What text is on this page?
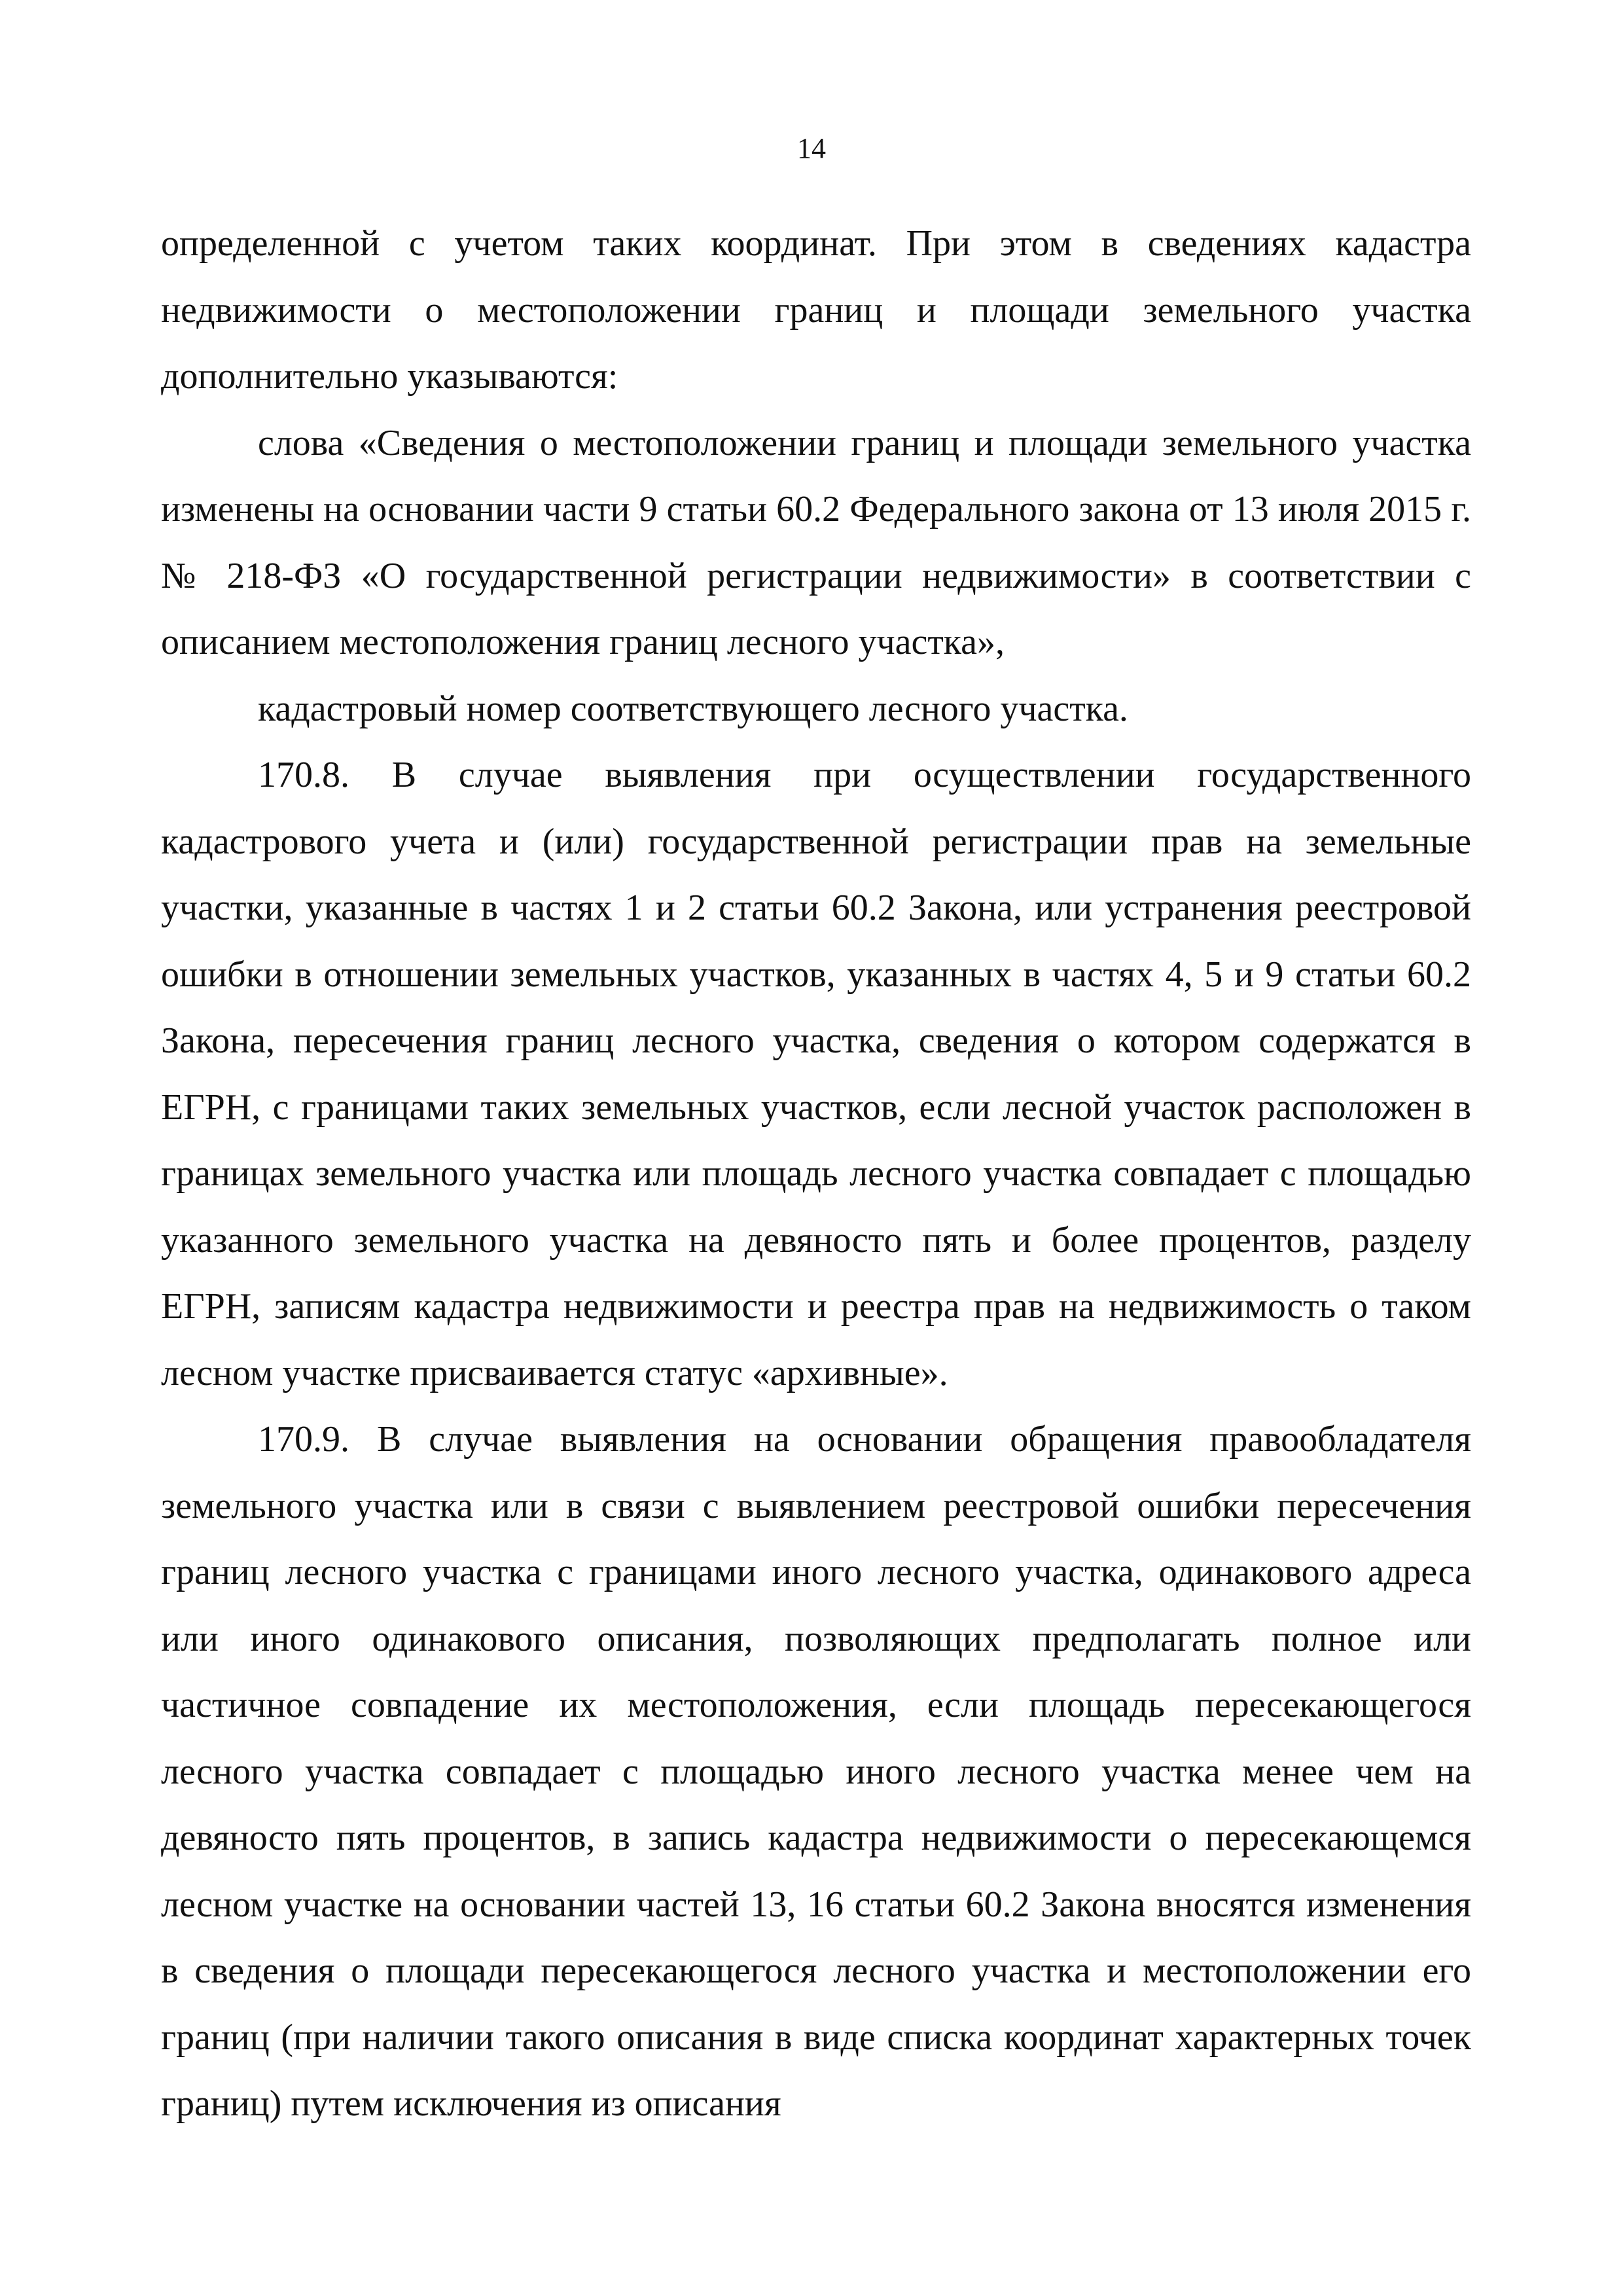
14

определенной с учетом таких координат. При этом в сведениях кадастра недвижимости о местоположении границ и площади земельного участка дополнительно указываются:

слова «Сведения о местоположении границ и площади земельного участка изменены на основании части 9 статьи 60.2 Федерального закона от 13 июля 2015 г. № 218-ФЗ «О государственной регистрации недвижимости» в соответствии с описанием местоположения границ лесного участка»,

кадастровый номер соответствующего лесного участка.

170.8. В случае выявления при осуществлении государственного кадастрового учета и (или) государственной регистрации прав на земельные участки, указанные в частях 1 и 2 статьи 60.2 Закона, или устранения реестровой ошибки в отношении земельных участков, указанных в частях 4, 5 и 9 статьи 60.2 Закона, пересечения границ лесного участка, сведения о котором содержатся в ЕГРН, с границами таких земельных участков, если лесной участок расположен в границах земельного участка или площадь лесного участка совпадает с площадью указанного земельного участка на девяносто пять и более процентов, разделу ЕГРН, записям кадастра недвижимости и реестра прав на недвижимость о таком лесном участке присваивается статус «архивные».

170.9. В случае выявления на основании обращения правообладателя земельного участка или в связи с выявлением реестровой ошибки пересечения границ лесного участка с границами иного лесного участка, одинакового адреса или иного одинакового описания, позволяющих предполагать полное или частичное совпадение их местоположения, если площадь пересекающегося лесного участка совпадает с площадью иного лесного участка менее чем на девяносто пять процентов, в запись кадастра недвижимости о пересекающемся лесном участке на основании частей 13, 16 статьи 60.2 Закона вносятся изменения в сведения о площади пересекающегося лесного участка и местоположении его границ (при наличии такого описания в виде списка координат характерных точек границ) путем исключения из описания
